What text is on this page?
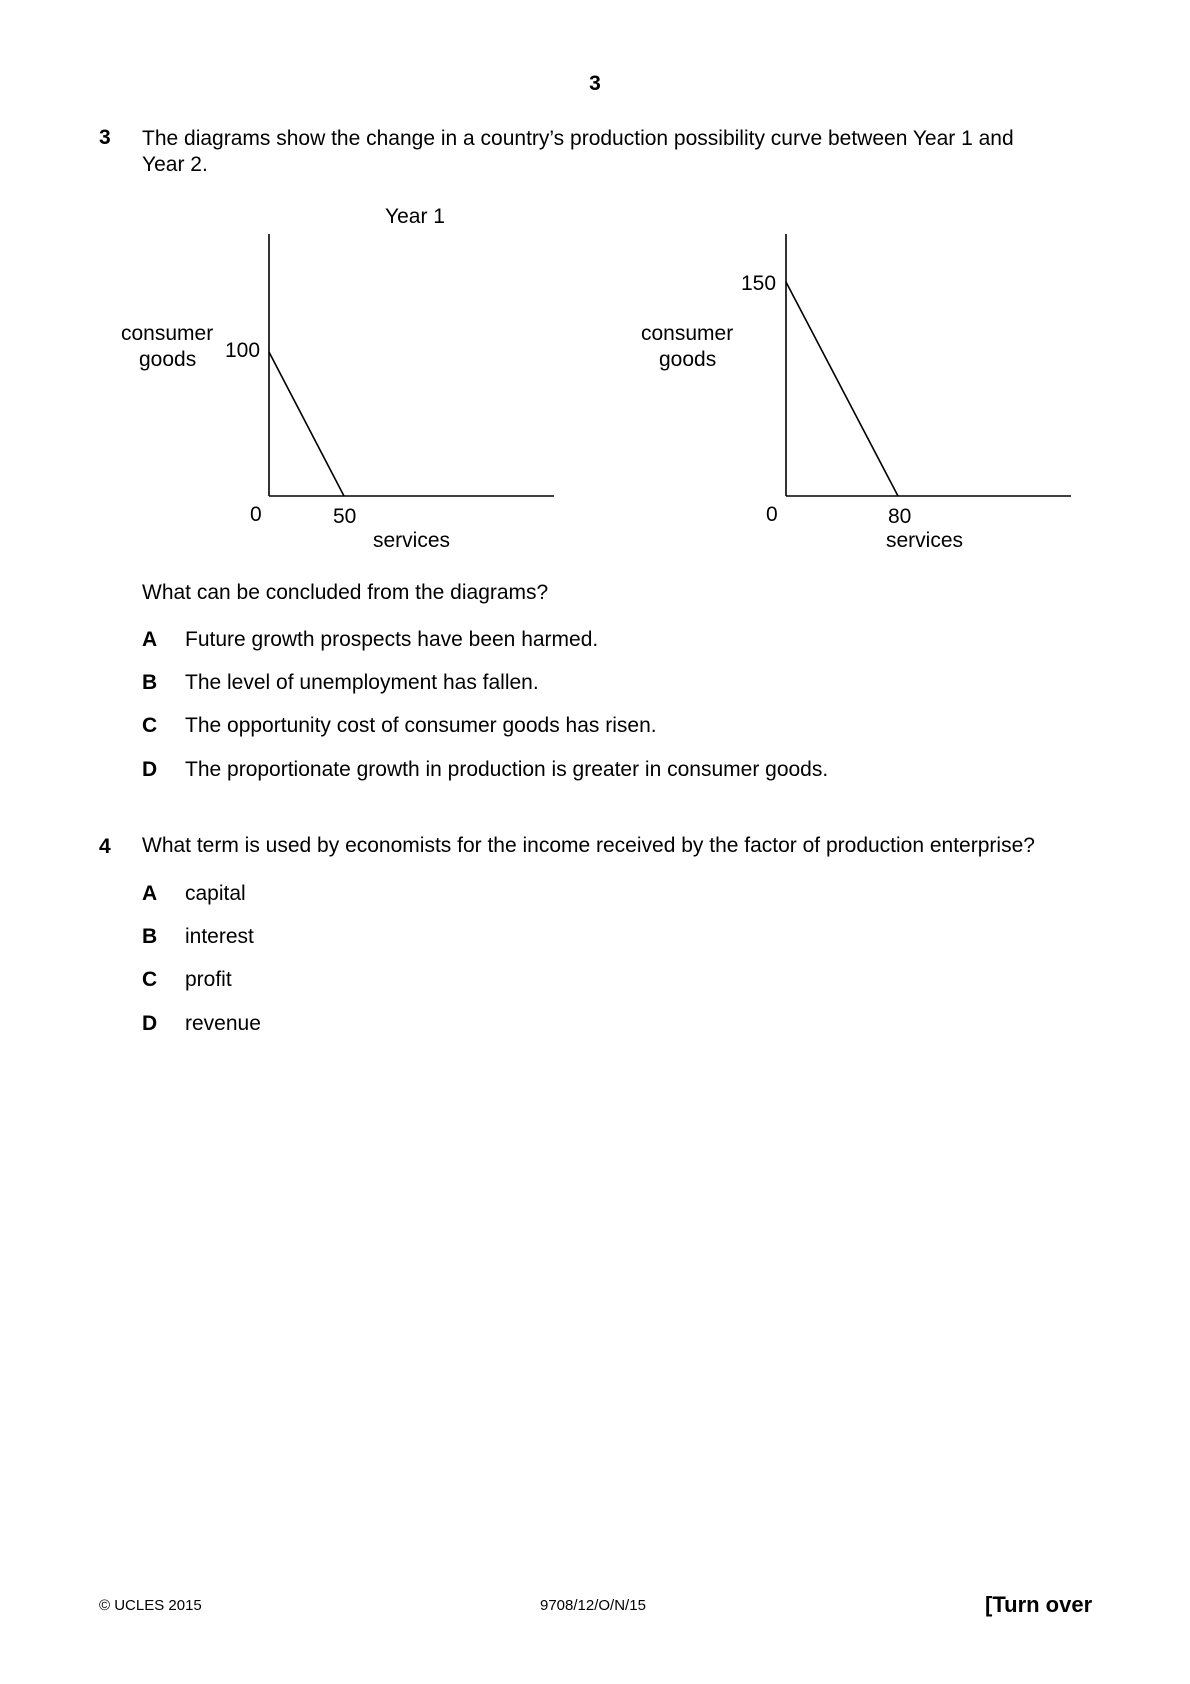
3
3 The diagrams show the change in a country’s production possibility curve between Year 1 and
Year 2.
Year 1
consumer
goods 100
0	50
services
consumer
goods
150
0	80
services
What can be concluded from the diagrams?
A Future growth prospects have been harmed.
B The level of unemployment has fallen.
C The opportunity cost of consumer goods has risen.
D The proportionate growth in production is greater in consumer goods.
4 What term is used by economists for the income received by the factor of production enterprise?
A capital
B interest
C profit
D revenue
© UCLES 2015	9708/12/O/N/15	[Turn over
